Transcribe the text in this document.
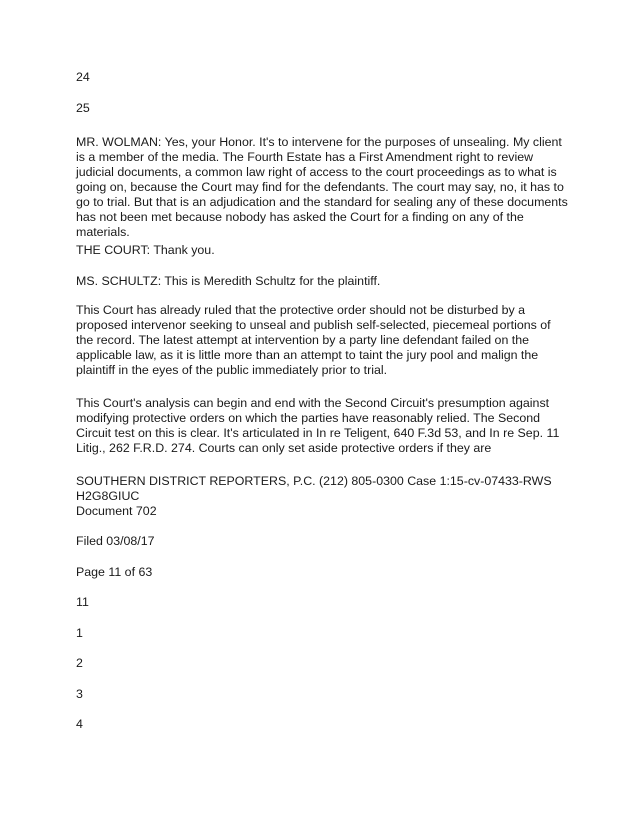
24

25

MR. WOLMAN: Yes, your Honor. It's to intervene for the purposes of unsealing. My client is a member of the media. The Fourth Estate has a First Amendment right to review judicial documents, a common law right of access to the court proceedings as to what is going on, because the Court may find for the defendants. The court may say, no, it has to go to trial. But that is an adjudication and the standard for sealing any of these documents has not been met because nobody has asked the Court for a finding on any of the materials.

THE COURT: Thank you.

MS. SCHULTZ: This is Meredith Schultz for the plaintiff.

This Court has already ruled that the protective order should not be disturbed by a proposed intervenor seeking to unseal and publish self-selected, piecemeal portions of the record. The latest attempt at intervention by a party line defendant failed on the applicable law, as it is little more than an attempt to taint the jury pool and malign the plaintiff in the eyes of the public immediately prior to trial.

This Court's analysis can begin and end with the Second Circuit's presumption against modifying protective orders on which the parties have reasonably relied. The Second Circuit test on this is clear. It's articulated in In re Teligent, 640 F.3d 53, and In re Sep. 11 Litig., 262 F.R.D. 274. Courts can only set aside protective orders if they are

SOUTHERN DISTRICT REPORTERS, P.C. (212) 805-0300 Case 1:15-cv-07433-RWS H2G8GIUC

Document 702

Filed 03/08/17

Page 11 of 63

11

1

2

3

4
